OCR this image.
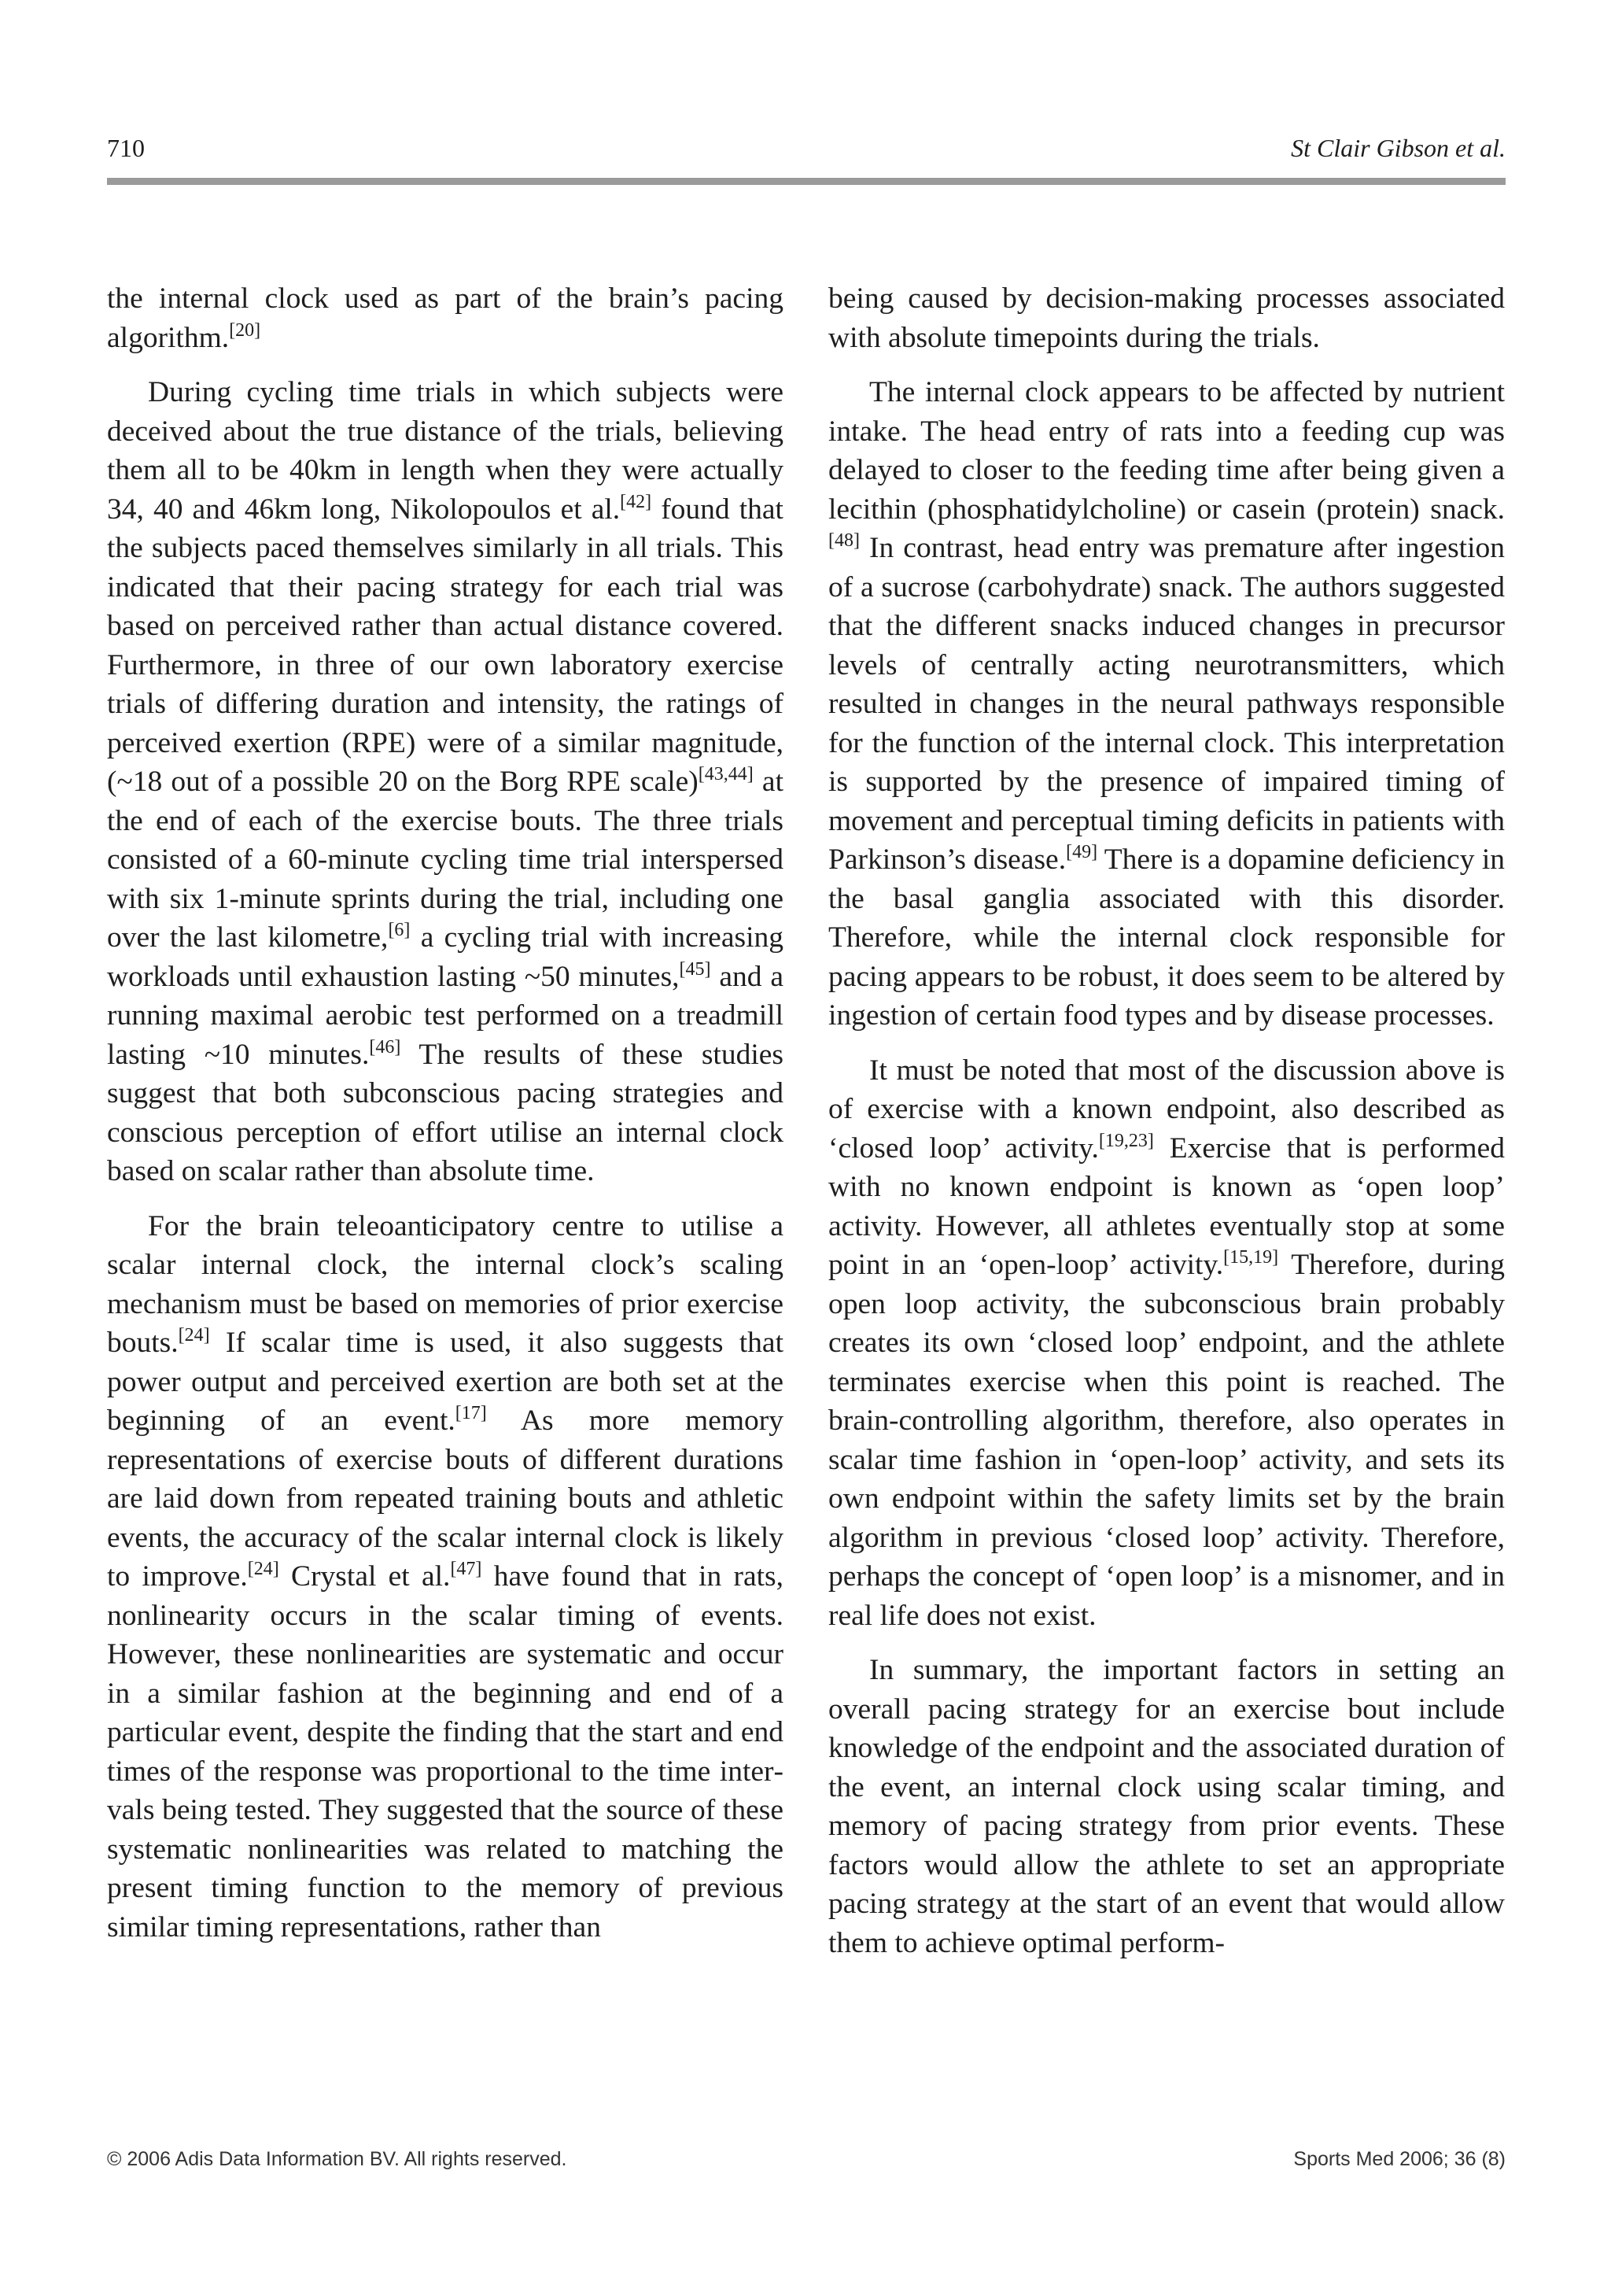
710	St Clair Gibson et al.

the internal clock used as part of the brain’s pacing algorithm.[20]

During cycling time trials in which subjects were deceived about the true distance of the trials, believing them all to be 40km in length when they were actually 34, 40 and 46km long, Nikolopoulos et al.[42] found that the subjects paced themselves similarly in all trials. This indicated that their pacing strategy for each trial was based on perceived rather than actual distance covered. Furthermore, in three of our own laboratory exercise trials of differing duration and intensity, the ratings of perceived exertion (RPE) were of a similar magnitude, (~18 out of a possible 20 on the Borg RPE scale)[43,44] at the end of each of the exercise bouts. The three trials consisted of a 60-minute cycling time trial interspersed with six 1-minute sprints during the trial, including one over the last kilometre,[6] a cycling trial with increasing workloads until exhaustion lasting ~50 minutes,[45] and a running maximal aerobic test performed on a treadmill lasting ~10 minutes.[46] The results of these studies suggest that both subconscious pacing strategies and conscious perception of effort utilise an internal clock based on scalar rather than absolute time.

For the brain teleoanticipatory centre to utilise a scalar internal clock, the internal clock’s scaling mechanism must be based on memories of prior exercise bouts.[24] If scalar time is used, it also suggests that power output and perceived exertion are both set at the beginning of an event.[17] As more memory representations of exercise bouts of different durations are laid down from repeated training bouts and athletic events, the accuracy of the scalar internal clock is likely to improve.[24] Crystal et al.[47] have found that in rats, nonlinearity occurs in the scalar timing of events. However, these nonlinearities are systematic and occur in a similar fashion at the beginning and end of a particular event, despite the finding that the start and end times of the response was proportional to the time intervals being tested. They suggested that the source of these systematic nonlinearities was related to matching the present timing function to the memory of previous similar timing representations, rather than

being caused by decision-making processes associated with absolute timepoints during the trials.

The internal clock appears to be affected by nutrient intake. The head entry of rats into a feeding cup was delayed to closer to the feeding time after being given a lecithin (phosphatidylcholine) or casein (protein) snack.[48] In contrast, head entry was premature after ingestion of a sucrose (carbohydrate) snack. The authors suggested that the different snacks induced changes in precursor levels of centrally acting neurotransmitters, which resulted in changes in the neural pathways responsible for the function of the internal clock. This interpretation is supported by the presence of impaired timing of movement and perceptual timing deficits in patients with Parkinson’s disease.[49] There is a dopamine deficiency in the basal ganglia associated with this disorder. Therefore, while the internal clock responsible for pacing appears to be robust, it does seem to be altered by ingestion of certain food types and by disease processes.

It must be noted that most of the discussion above is of exercise with a known endpoint, also described as ‘closed loop’ activity.[19,23] Exercise that is performed with no known endpoint is known as ‘open loop’ activity. However, all athletes eventually stop at some point in an ‘open-loop’ activity.[15,19] Therefore, during open loop activity, the subconscious brain probably creates its own ‘closed loop’ endpoint, and the athlete terminates exercise when this point is reached. The brain-controlling algorithm, therefore, also operates in scalar time fashion in ‘open-loop’ activity, and sets its own endpoint within the safety limits set by the brain algorithm in previous ‘closed loop’ activity. Therefore, perhaps the concept of ‘open loop’ is a misnomer, and in real life does not exist.

In summary, the important factors in setting an overall pacing strategy for an exercise bout include knowledge of the endpoint and the associated duration of the event, an internal clock using scalar timing, and memory of pacing strategy from prior events. These factors would allow the athlete to set an appropriate pacing strategy at the start of an event that would allow them to achieve optimal perform-

© 2006 Adis Data Information BV. All rights reserved.	Sports Med 2006; 36 (8)
